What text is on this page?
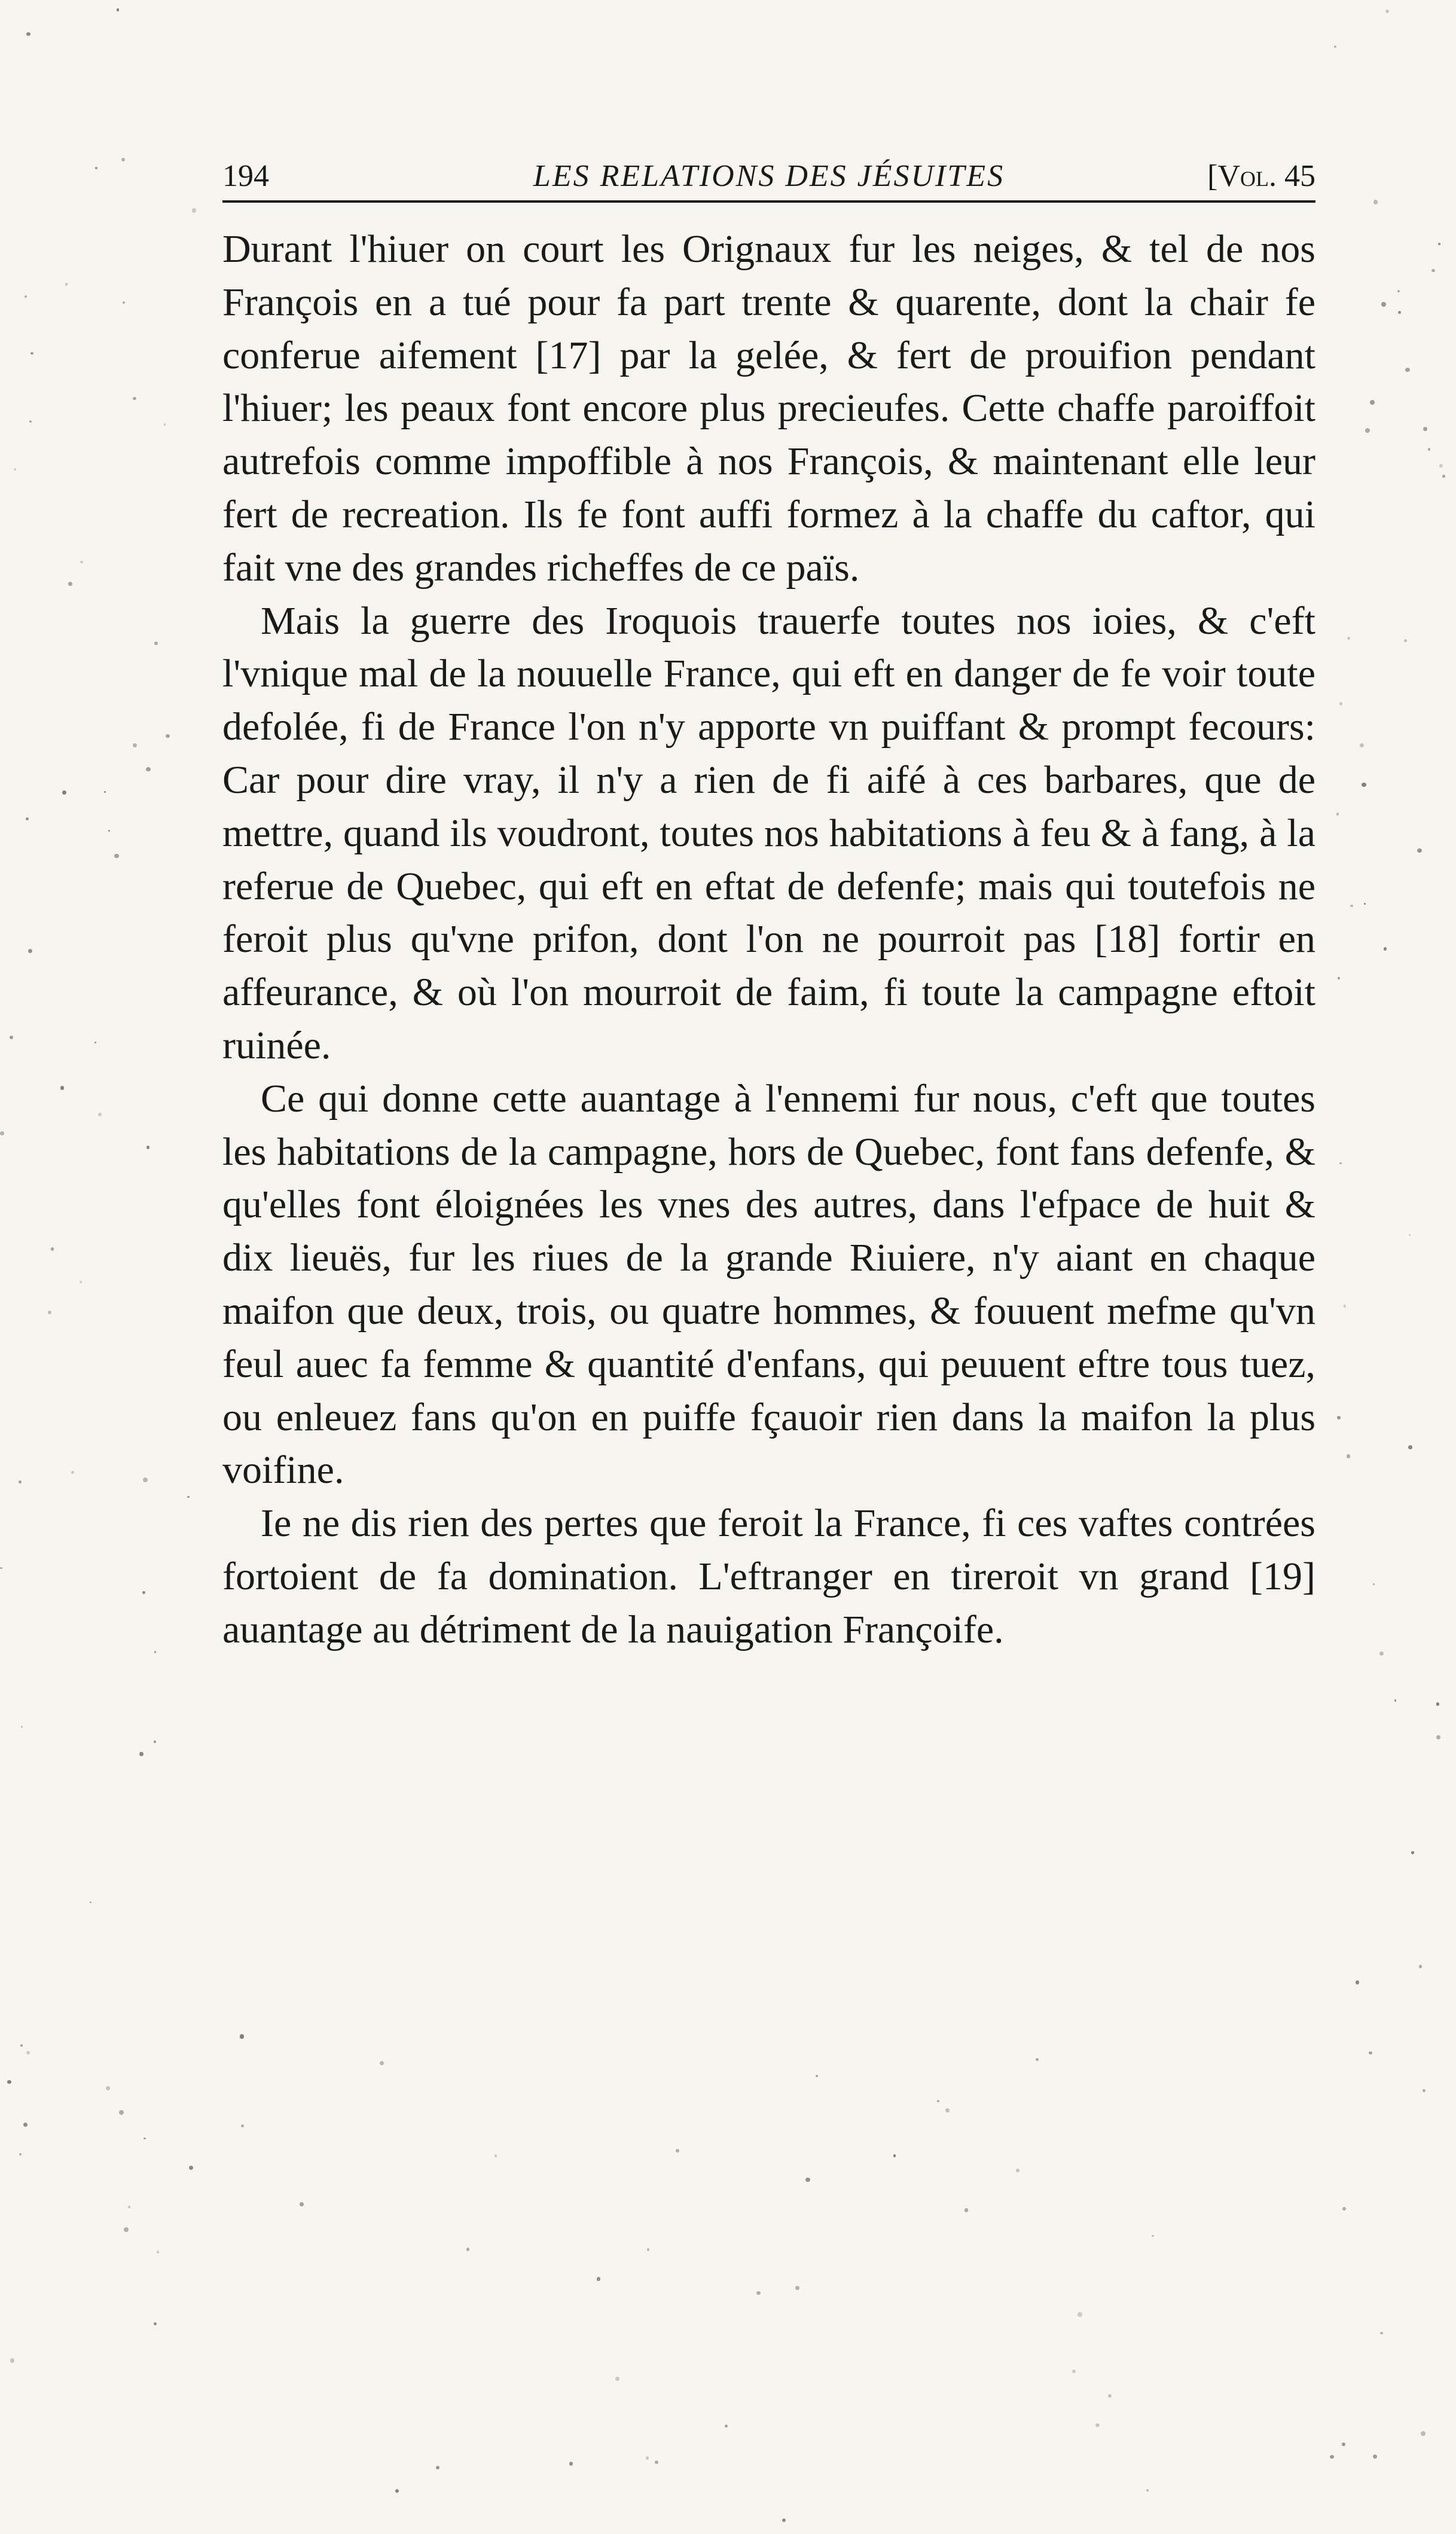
194	LES RELATIONS DES JÉSUITES	[Vol. 45

Durant l'hiuer on court les Orignaux fur les neiges, & tel de nos François en a tué pour fa part trente & quarente, dont la chair fe conferue aifement [17] par la gelée, & fert de prouifion pendant l'hiuer; les peaux font encore plus precieufes. Cette chaffe paroiffoit autrefois comme impoffible à nos François, & maintenant elle leur fert de recreation. Ils fe font auffi formez à la chaffe du caftor, qui fait vne des grandes richeffes de ce païs.

Mais la guerre des Iroquois trauerfe toutes nos ioies, & c'eft l'vnique mal de la nouuelle France, qui eft en danger de fe voir toute defolée, fi de France l'on n'y apporte vn puiffant & prompt fecours: Car pour dire vray, il n'y a rien de fi aifé à ces barbares, que de mettre, quand ils voudront, toutes nos habitations à feu & à fang, à la referue de Quebec, qui eft en eftat de defenfe; mais qui toutefois ne feroit plus qu'vne prifon, dont l'on ne pourroit pas [18] fortir en affeurance, & où l'on mourroit de faim, fi toute la campagne eftoit ruinée.

Ce qui donne cette auantage à l'ennemi fur nous, c'eft que toutes les habitations de la campagne, hors de Quebec, font fans defenfe, & qu'elles font éloignées les vnes des autres, dans l'efpace de huit & dix lieuës, fur les riues de la grande Riuiere, n'y aiant en chaque maifon que deux, trois, ou quatre hommes, & fouuent mefme qu'vn feul auec fa femme & quantité d'enfans, qui peuuent eftre tous tuez, ou enleuez fans qu'on en puiffe fçauoir rien dans la maifon la plus voifine.

Ie ne dis rien des pertes que feroit la France, fi ces vaftes contrées fortoient de fa domination. L'eftranger en tireroit vn grand [19] auantage au détriment de la nauigation Françoife.
